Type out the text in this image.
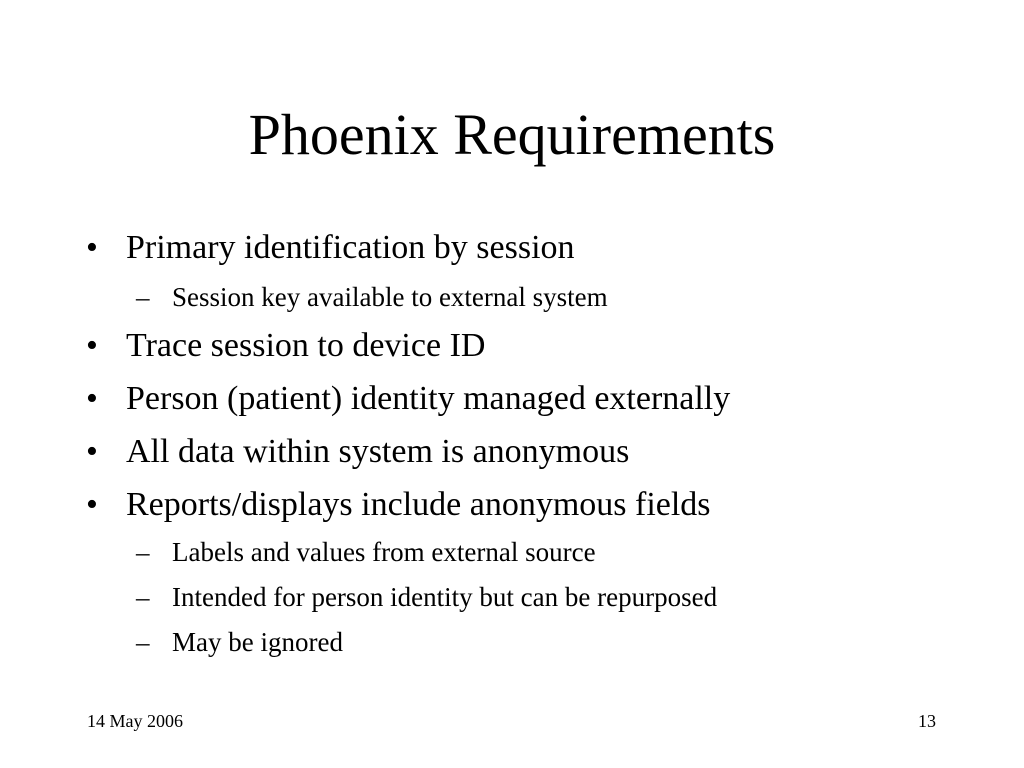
Phoenix Requirements
• Primary identification by session
– Session key available to external system
• Trace session to device ID
• Person (patient) identity managed externally
• All data within system is anonymous
• Reports/displays include anonymous fields
– Labels and values from external source
– Intended for person identity but can be repurposed
– May be ignored
14 May 2006	13
